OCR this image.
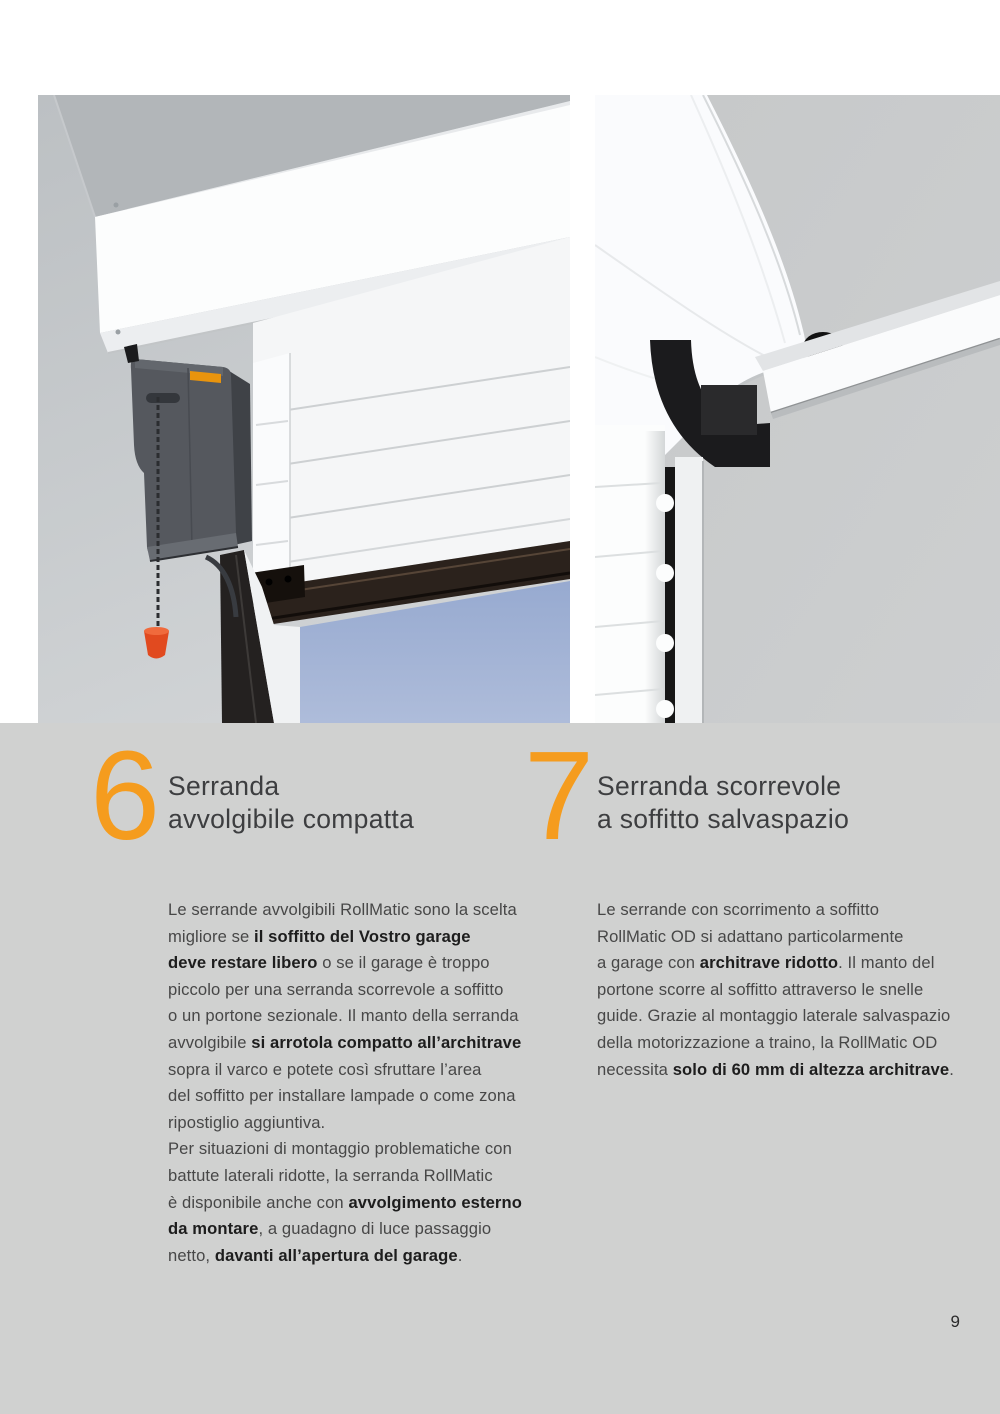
6 Serranda
avvolgibile compatta

Le serrande avvolgibili RollMatic sono la scelta
migliore se il soffitto del Vostro garage
deve restare libero o se il garage è troppo
piccolo per una serranda scorrevole a soffitto
o un portone sezionale. Il manto della serranda
avvolgibile si arrotola compatto all’architrave
sopra il varco e potete così sfruttare l’area
del soffitto per installare lampade o come zona
ripostiglio aggiuntiva.
Per situazioni di montaggio problematiche con
battute laterali ridotte, la serranda RollMatic
è disponibile anche con avvolgimento esterno
da montare, a guadagno di luce passaggio
netto, davanti all’apertura del garage.

7 Serranda scorrevole
a soffitto salvaspazio

Le serrande con scorrimento a soffitto
RollMatic OD si adattano particolarmente
a garage con architrave ridotto. Il manto del
portone scorre al soffitto attraverso le snelle
guide. Grazie al montaggio laterale salvaspazio
della motorizzazione a traino, la RollMatic OD
necessita solo di 60 mm di altezza architrave.

9
